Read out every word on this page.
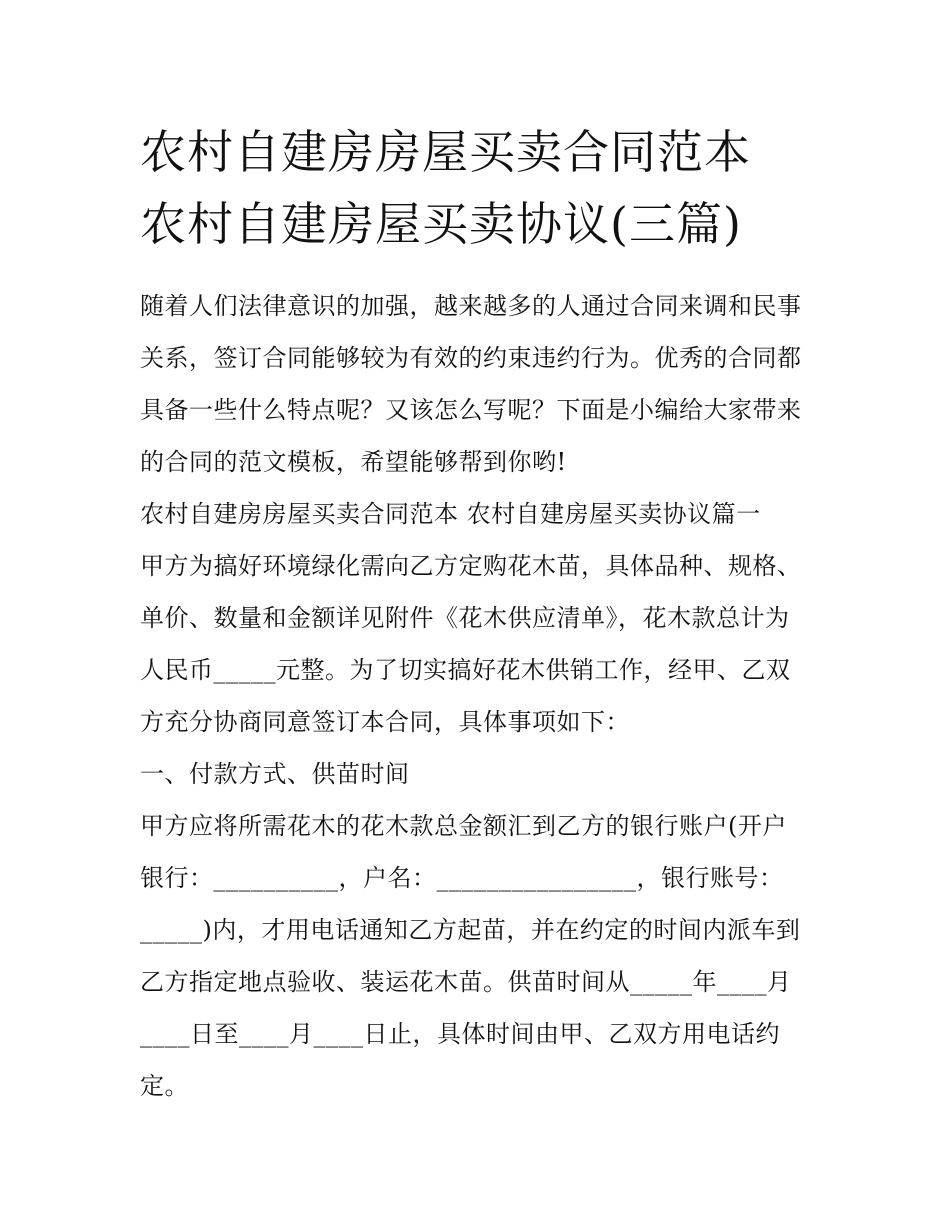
农村自建房房屋买卖合同范本
农村自建房屋买卖协议(三篇)
随着人们法律意识的加强，越来越多的人通过合同来调和民事
关系，签订合同能够较为有效的约束违约行为。优秀的合同都
具备一些什么特点呢？又该怎么写呢？下面是小编给大家带来
的合同的范文模板，希望能够帮到你哟!
农村自建房房屋买卖合同范本 农村自建房屋买卖协议篇一
甲方为搞好环境绿化需向乙方定购花木苗，具体品种、规格、
单价、数量和金额详见附件《花木供应清单》，花木款总计为
人民币_____元整。为了切实搞好花木供销工作，经甲、乙双
方充分协商同意签订本合同，具体事项如下：
一、付款方式、供苗时间
甲方应将所需花木的花木款总金额汇到乙方的银行账户(开户
银行：__________，户名：________________，银行账号：
_____)内，才用电话通知乙方起苗，并在约定的时间内派车到
乙方指定地点验收、装运花木苗。供苗时间从_____年____月
____日至____月____日止，具体时间由甲、乙双方用电话约
定。
